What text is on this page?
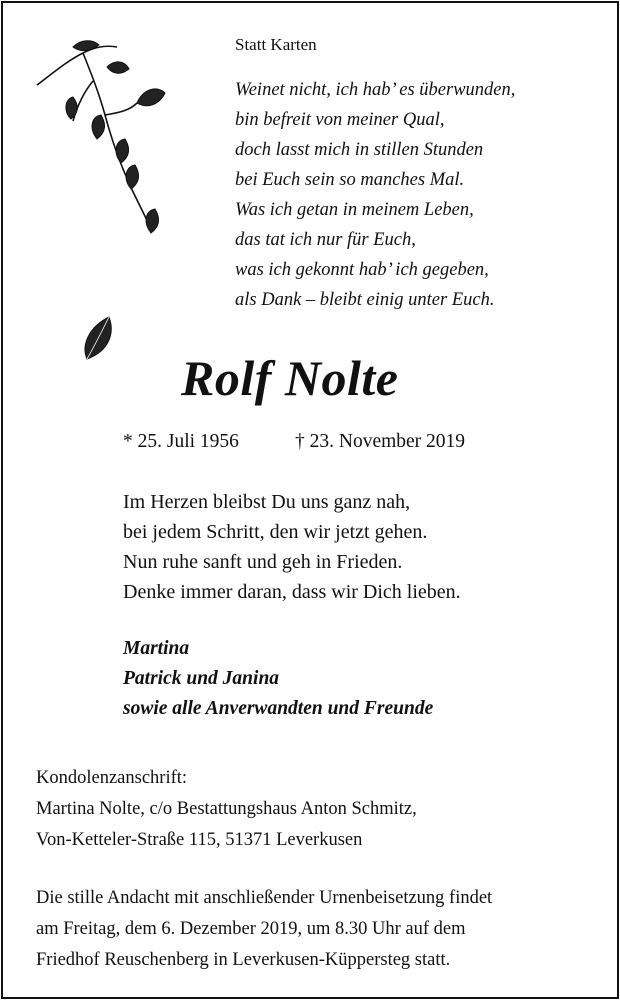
Statt Karten
Weinet nicht, ich hab’ es überwunden,
bin befreit von meiner Qual,
doch lasst mich in stillen Stunden
bei Euch sein so manches Mal.
Was ich getan in meinem Leben,
das tat ich nur für Euch,
was ich gekonnt hab’ ich gegeben,
als Dank – bleibt einig unter Euch.
Rolf Nolte
* 25. Juli 1956	† 23. November 2019
Im Herzen bleibst Du uns ganz nah,
bei jedem Schritt, den wir jetzt gehen.
Nun ruhe sanft und geh in Frieden.
Denke immer daran, dass wir Dich lieben.
Martina
Patrick und Janina
sowie alle Anverwandten und Freunde
Kondolenzanschrift:
Martina Nolte, c/o Bestattungshaus Anton Schmitz,
Von-Ketteler-Straße 115, 51371 Leverkusen
Die stille Andacht mit anschließender Urnenbeisetzung findet
am Freitag, dem 6. Dezember 2019, um 8.30 Uhr auf dem
Friedhof Reuschenberg in Leverkusen-Küppersteg statt.
